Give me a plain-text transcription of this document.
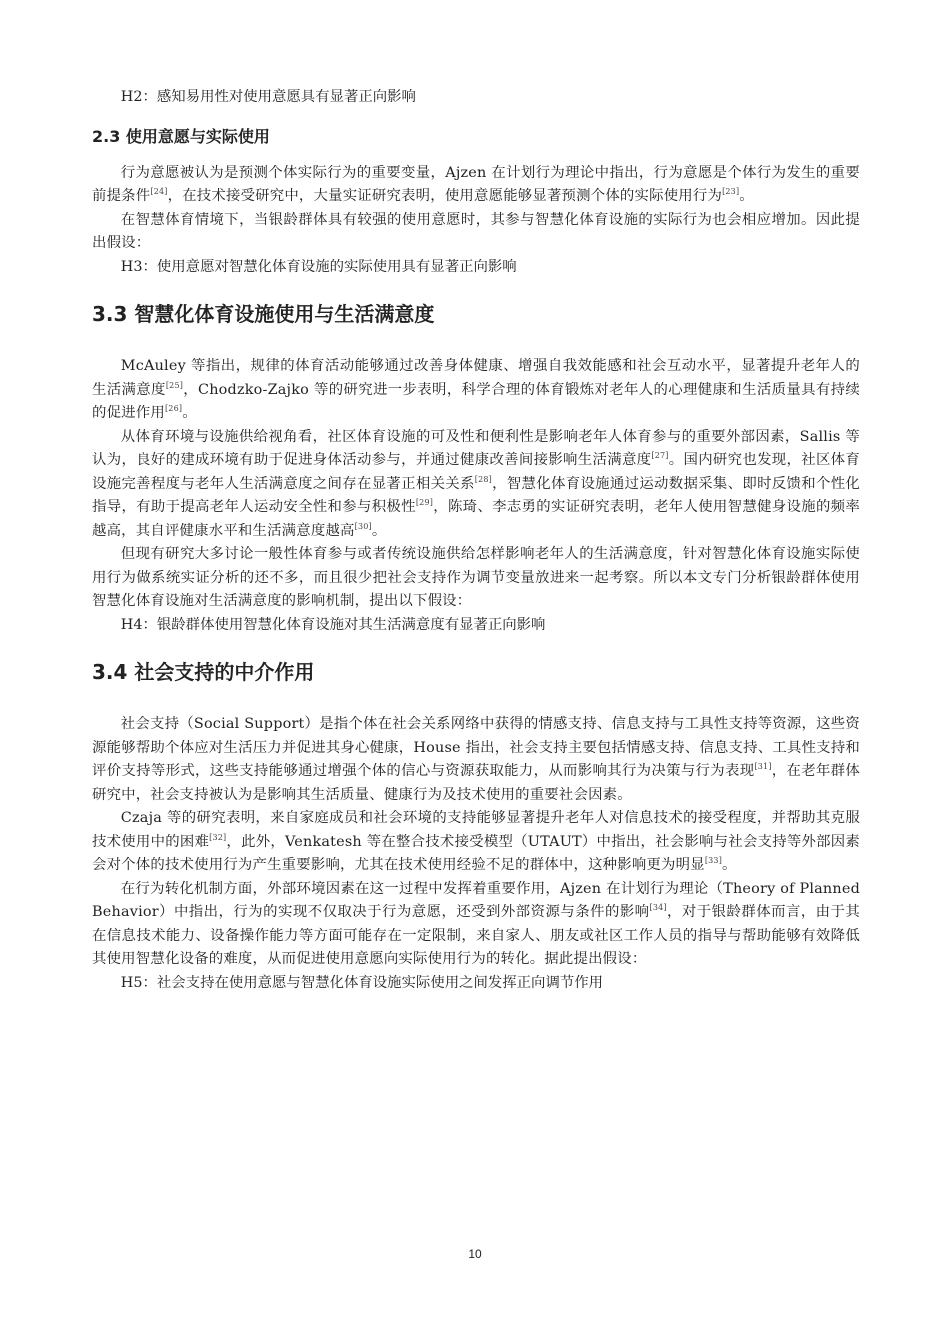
H2：感知易用性对使用意愿具有显著正向影响

2.3 使用意愿与实际使用

行为意愿被认为是预测个体实际行为的重要变量，Ajzen 在计划行为理论中指出，行为意愿是个体行为发生的重要前提条件[24]，在技术接受研究中，大量实证研究表明，使用意愿能够显著预测个体的实际使用行为[23]。

在智慧体育情境下，当银龄群体具有较强的使用意愿时，其参与智慧化体育设施的实际行为也会相应增加。因此提出假设：

H3：使用意愿对智慧化体育设施的实际使用具有显著正向影响

3.3 智慧化体育设施使用与生活满意度

McAuley 等指出，规律的体育活动能够通过改善身体健康、增强自我效能感和社会互动水平，显著提升老年人的生活满意度[25]，Chodzko-Zajko 等的研究进一步表明，科学合理的体育锻炼对老年人的心理健康和生活质量具有持续的促进作用[26]。

从体育环境与设施供给视角看，社区体育设施的可及性和便利性是影响老年人体育参与的重要外部因素，Sallis 等认为，良好的建成环境有助于促进身体活动参与，并通过健康改善间接影响生活满意度[27]。国内研究也发现，社区体育设施完善程度与老年人生活满意度之间存在显著正相关关系[28]，智慧化体育设施通过运动数据采集、即时反馈和个性化指导，有助于提高老年人运动安全性和参与积极性[29]，陈琦、李志勇的实证研究表明，老年人使用智慧健身设施的频率越高，其自评健康水平和生活满意度越高[30]。

但现有研究大多讨论一般性体育参与或者传统设施供给怎样影响老年人的生活满意度，针对智慧化体育设施实际使用行为做系统实证分析的还不多，而且很少把社会支持作为调节变量放进来一起考察。所以本文专门分析银龄群体使用智慧化体育设施对生活满意度的影响机制，提出以下假设：

H4：银龄群体使用智慧化体育设施对其生活满意度有显著正向影响

3.4 社会支持的中介作用

社会支持（Social Support）是指个体在社会关系网络中获得的情感支持、信息支持与工具性支持等资源，这些资源能够帮助个体应对生活压力并促进其身心健康，House 指出，社会支持主要包括情感支持、信息支持、工具性支持和评价支持等形式，这些支持能够通过增强个体的信心与资源获取能力，从而影响其行为决策与行为表现[31]，在老年群体研究中，社会支持被认为是影响其生活质量、健康行为及技术使用的重要社会因素。

Czaja 等的研究表明，来自家庭成员和社会环境的支持能够显著提升老年人对信息技术的接受程度，并帮助其克服技术使用中的困难[32]，此外，Venkatesh 等在整合技术接受模型（UTAUT）中指出，社会影响与社会支持等外部因素会对个体的技术使用行为产生重要影响，尤其在技术使用经验不足的群体中，这种影响更为明显[33]。

在行为转化机制方面，外部环境因素在这一过程中发挥着重要作用，Ajzen 在计划行为理论（Theory of Planned Behavior）中指出，行为的实现不仅取决于行为意愿，还受到外部资源与条件的影响[34]，对于银龄群体而言，由于其在信息技术能力、设备操作能力等方面可能存在一定限制，来自家人、朋友或社区工作人员的指导与帮助能够有效降低其使用智慧化设备的难度，从而促进使用意愿向实际使用行为的转化。据此提出假设：

H5：社会支持在使用意愿与智慧化体育设施实际使用之间发挥正向调节作用

10
